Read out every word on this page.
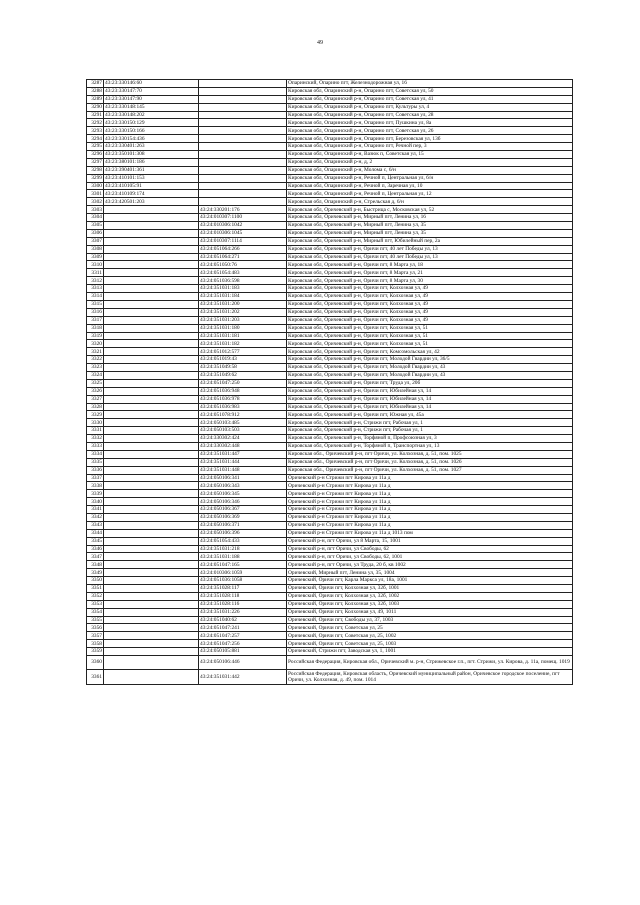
49
3287	43:23:330146:60		Опаринский, Опарино пгт, Железнодорожная ул, 16
3288	43:23:330147:70		Кировская обл, Опаринский р-н, Опарино пгт, Советская ул, 50
3289	43:23:330147:90		Кировская обл, Опаринский р-н, Опарино пгт, Советская ул, 41
3290	43:23:330148:145		Кировская обл, Опаринский р-н, Опарино пгт, Культуры ул, 4
3291	43:23:330148:202		Кировская обл, Опаринский р-н, Опарино пгт, Советская ул, 28
3292	43:23:330150:129		Кировская обл, Опаринский р-н, Опарино пгт, Пушкина ул, 8а
3293	43:23:330150:166		Кировская обл, Опаринский р-н, Опарино пгт, Советская ул, 26
3294	43:23:330154:436		Кировская обл, Опаринский р-н, Опарино пгт, Березовская ул, 13б
3295	43:23:330401:263		Кировская обл, Опаринский р-н, Опарино пгт, Речной пер, 3
3296	43:23:350101:308		Кировская обл, Опаринский р-н, Вазюк п, Советская ул, 15
3297	43:23:380101:186		Кировская обл, Опаринский р-н, д, 2
3298	43:23:390401:361		Кировская обл, Опаринский р-н, Молома с, 6/н
3299	43:23:410101:153		Кировская обл, Опаринский р-н, Речной п, Центральная ул, 6/н
3300	43:23:410105:91		Кировская обл, Опаринский р-н, Речной п, Заречная ул, 10
3301	43:23:410109:174		Кировская обл, Опаринский р-н, Речной п, Центральная ул, 12
3302	43:23:420501:203		Кировская обл, Опаринский р-н, Стрельская д, 6/н
3303		43:24:330201:176	Кировская обл, Оричевский р-н, Быстрица с, Московская ул, 52
3304		43:24:010307:1100	Кировская обл, Оричевский р-н, Мирный пгт, Ленина ул, 16
3305		43:24:010306:1042	Кировская обл, Оричевский р-н, Мирный пгт, Ленина ул, 35
3306		43:24:010306:1045	Кировская обл, Оричевский р-н, Мирный пгт, Ленина ул, 35
3307		43:24:010307:1114	Кировская обл, Оричевский р-н, Мирный пгт, Юбилейный пер, 2а
3308		43:24:051064:266	Кировская обл, Оричевский р-н, Оричи пгт, 40 лет Победы ул, 13
3309		43:24:051064:271	Кировская обл, Оричевский р-н, Оричи пгт, 40 лет Победы ул, 13
3310		43:24:051050:76	Кировская обл, Оричевский р-н, Оричи пгт, 8 Марта ул, 18
3311		43:24:051054:483	Кировская обл, Оричевский р-н, Оричи пгт, 8 Марта ул, 21
3312		43:24:051036:598	Кировская обл, Оричевский р-н, Оричи пгт, 8 Марта ул, 30
3313		43:24:351031:183	Кировская обл, Оричевский р-н, Оричи пгт, Колхозная ул, 49
3314		43:24:351031:184	Кировская обл, Оричевский р-н, Оричи пгт, Колхозная ул, 49
3315		43:24:351031:200	Кировская обл, Оричевский р-н, Оричи пгт, Колхозная ул, 49
3316		43:24:351031:202	Кировская обл, Оричевский р-н, Оричи пгт, Колхозная ул, 49
3317		43:24:351031:203	Кировская обл, Оричевский р-н, Оричи пгт, Колхозная ул, 49
3318		43:24:351031:180	Кировская обл, Оричевский р-н, Оричи пгт, Колхозная ул, 51
3319		43:24:351031:181	Кировская обл, Оричевский р-н, Оричи пгт, Колхозная ул, 51
3320		43:24:351031:182	Кировская обл, Оричевский р-н, Оричи пгт, Колхозная ул, 51
3321		43:24:051012:577	Кировская обл, Оричевский р-н, Оричи пгт, Комсомольская ул, 42
3322		43:24:051019:43	Кировская обл, Оричевский р-н, Оричи пгт, Молодой Гвардии ул, 36/5
3323		43:24:351049:58	Кировская обл, Оричевский р-н, Оричи пгт, Молодой Гвардии ул, 43
3324		43:24:351049:62	Кировская обл, Оричевский р-н, Оричи пгт, Молодой Гвардии ул, 43
3325		43:24:051047:250	Кировская обл, Оричевский р-н, Оричи пгт, Труда ул, 20б
3326		43:24:051036:948	Кировская обл, Оричевский р-н, Оричи пгт, Юбилейная ул, 14
3327		43:24:051036:978	Кировская обл, Оричевский р-н, Оричи пгт, Юбилейная ул, 14
3328		43:24:051036:983	Кировская обл, Оричевский р-н, Оричи пгт, Юбилейная ул, 14
3329		43:24:051078:912	Кировская обл, Оричевский р-н, Оричи пгт, Южная ул, 45а
3330		43:24:050103:485	Кировская обл, Оричевский р-н, Стрижи пгт, Рабочая ул, 1
3331		43:24:050103:503	Кировская обл, Оричевский р-н, Стрижи пгт, Рабочая ул, 1
3332		43:24:330302:424	Кировская обл, Оричевский р-н, Торфяной п, Профсоюзная ул, 3
3333		43:24:330302:448	Кировская обл, Оричевский р-н, Торфяной п, Транспортная ул, 13
3334		43:24:351031:447	Кировская обл., Оричевский р-н, пгт Оричи, ул. Колхозная, д. 51, пом. 1025
3335		43:24:351031:444	Кировская обл., Оричевский р-н, пгт Оричи, ул. Колхозная, д. 51, пом. 1026
3336		43:24:351031:448	Кировская обл., Оричевский р-н, пгт Оричи, ул. Колхозная, д. 51, пом. 1027
3337		43:24:050106:341	Оричевский р-н Стрижи пгт Кирова ул 11а д
3338		43:24:050106:343	Оричевский р-н Стрижи пгт Кирова ул 11а д
3339		43:24:050106:345	Оричевский р-н Стрижи пгт Кирова ул 11а д
3340		43:24:050106:346	Оричевский р-н Стрижи пгт Кирова ул 11а д
3341		43:24:050106:367	Оричевский р-н Стрижи пгт Кирова ул 11а д
3342		43:24:050106:369	Оричевский р-н Стрижи пгт Кирова ул 11а д
3343		43:24:050106:371	Оричевский р-н Стрижи пгт Кирова ул 11а д
3344		43:24:050106:396	Оричевский р-н Стрижи пгт Кирова ул 11а д 1013 пом
3345		43:24:051054:433	Оричевский р-н, пгт Оричи, ул 8 Марта, 15, 1001
3346		43:24:351031:218	Оричевский р-н, пгт Оричи, ул Свободы, 62
3347		43:24:351031:188	Оричевский р-н, пгт Оричи, ул Свободы, 62, 1001
3348		43:24:051047:165	Оричевский р-н, пгт Оричи, ул Труда, 20 б, кв 1002
3349		43:24:010306:1059	Оричевский, Мирный пгт, Ленина ул, 35, 1004
3350		43:24:051036:1058	Оричевский, Оричи пгт, Карла Маркса ул, 18а, 1001
3351		43:24:351028:117	Оричевский, Оричи пгт, Колхозная ул, 32б, 1001
3352		43:24:351028:118	Оричевский, Оричи пгт, Колхозная ул, 32б, 1002
3353		43:24:351028:116	Оричевский, Оричи пгт, Колхозная ул, 32б, 1003
3354		43:24:351031:226	Оричевский, Оричи пгт, Колхозная ул, 49, 1011
3355		43:24:051040:62	Оричевский, Оричи пгт, Свободы ул, 37, 1003
3356		43:24:051047:241	Оричевский, Оричи пгт, Советская ул, 25
3357		43:24:051047:257	Оричевский, Оричи пгт, Советская ул, 25, 1002
3358		43:24:051047:256	Оричевский, Оричи пгт, Советская ул, 25, 1003
3359		43:24:050105:881	Оричевский, Стрижи пгт, Заводская ул, 1, 1001
3360		43:24:050106:446	Российская Федерация, Кировская обл., Оричевский м. р-н, Стрижевское г.п., пгт. Стрижи, ул. Кирова, д. 11а, помещ. 1019
3361		43:24:351031:442	Российская Федерация, Кировская область, Оричевский муниципальный район, Оричевское городское поселение, пгт Оричи, ул. Колхозная, д. 49, пом. 1014
